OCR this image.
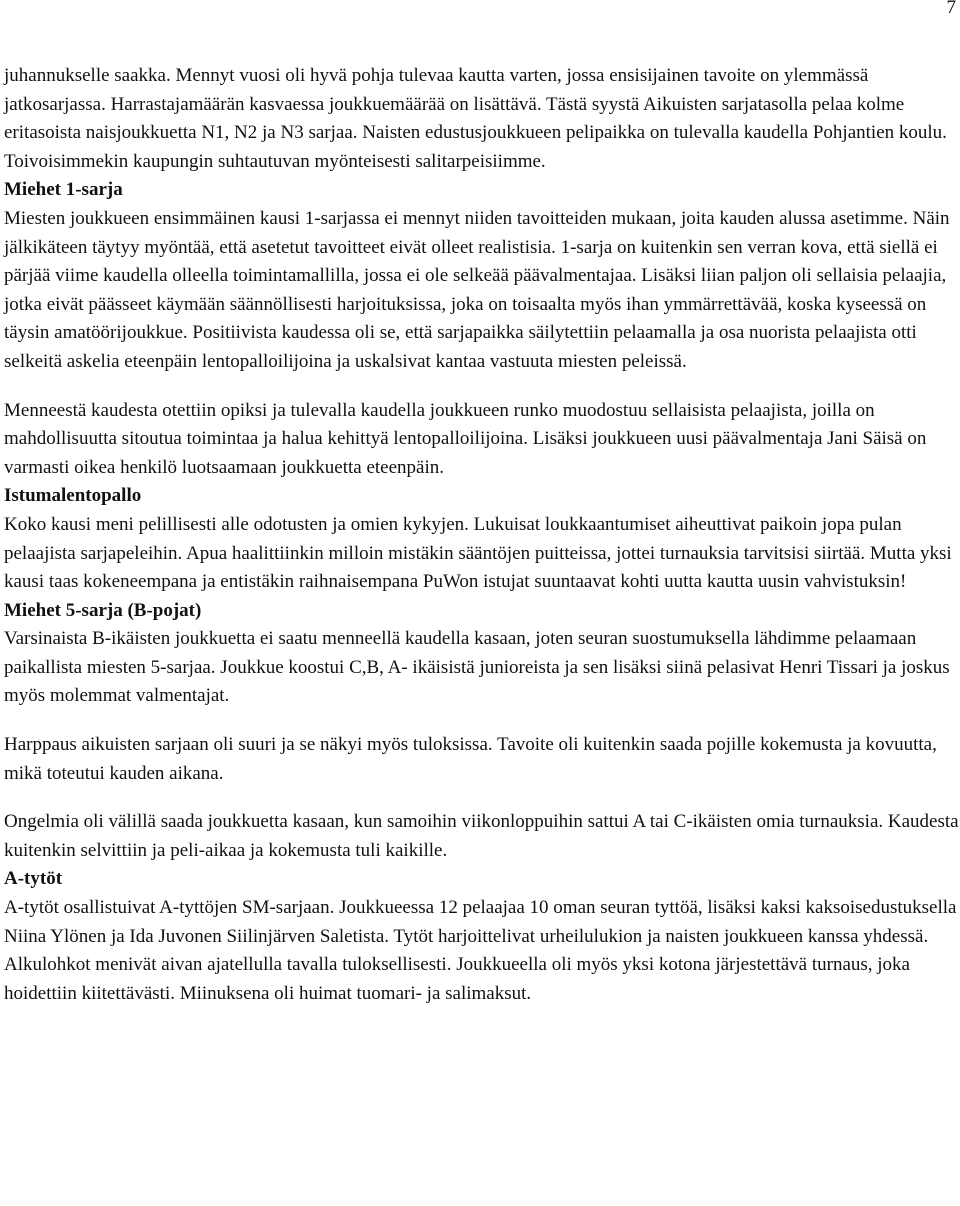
7

juhannukselle saakka. Mennyt vuosi oli hyvä pohja tulevaa kautta varten, jossa ensisijainen tavoite on ylemmässä jatkosarjassa. Harrastajamäärän kasvaessa joukkuemäärää on lisättävä. Tästä syystä Aikuisten sarjatasolla pelaa kolme eritasoista naisjoukkuetta N1, N2 ja N3 sarjaa. Naisten edustusjoukkueen pelipaikka on tulevalla kaudella Pohjantien koulu. Toivoisimmekin kaupungin suhtautuvan myönteisesti salitarpeisiimme.

Miehet 1-sarja

Miesten joukkueen ensimmäinen kausi 1-sarjassa ei mennyt niiden tavoitteiden mukaan, joita kauden alussa asetimme. Näin jälkikäteen täytyy myöntää, että asetetut tavoitteet eivät olleet realistisia. 1-sarja on kuitenkin sen verran kova, että siellä ei pärjää viime kaudella olleella toimintamallilla, jossa ei ole selkeää päävalmentajaa. Lisäksi liian paljon oli sellaisia pelaajia, jotka eivät päässeet käymään säännöllisesti harjoituksissa, joka on toisaalta myös ihan ymmärrettävää, koska kyseessä on täysin amatöörijoukkue. Positiivista kaudessa oli se, että sarjapaikka säilytettiin pelaamalla ja osa nuorista pelaajista otti selkeitä askelia eteenpäin lentopalloilijoina ja uskalsivat kantaa vastuuta miesten peleissä.

Menneestä kaudesta otettiin opiksi ja tulevalla kaudella joukkueen runko muodostuu sellaisista pelaajista, joilla on mahdollisuutta sitoutua toimintaa ja halua kehittyä lentopalloilijoina. Lisäksi joukkueen uusi päävalmentaja Jani Säisä on varmasti oikea henkilö luotsaamaan joukkuetta eteenpäin.

Istumalentopallo

Koko kausi meni pelillisesti alle odotusten ja omien kykyjen. Lukuisat loukkaantumiset aiheuttivat paikoin jopa pulan pelaajista sarjapeleihin. Apua haalittiinkin milloin mistäkin sääntöjen puitteissa, jottei turnauksia tarvitsisi siirtää. Mutta yksi kausi taas kokeneempana ja entistäkin raihnaisempana PuWon istujat suuntaavat kohti uutta kautta uusin vahvistuksin!

Miehet 5-sarja (B-pojat)

Varsinaista B-ikäisten joukkuetta ei saatu menneellä kaudella kasaan, joten seuran suostumuksella lähdimme pelaamaan paikallista miesten 5-sarjaa. Joukkue koostui C,B, A- ikäisistä junioreista ja sen lisäksi siinä pelasivat Henri Tissari ja joskus myös molemmat valmentajat.

Harppaus aikuisten sarjaan oli suuri ja se näkyi myös tuloksissa. Tavoite oli kuitenkin saada pojille kokemusta ja kovuutta, mikä toteutui kauden aikana.

Ongelmia oli välillä saada joukkuetta kasaan, kun samoihin viikonloppuihin sattui A tai C-ikäisten omia turnauksia. Kaudesta kuitenkin selvittiin ja peli-aikaa ja kokemusta tuli kaikille.

A-tytöt

A-tytöt osallistuivat A-tyttöjen SM-sarjaan. Joukkueessa 12 pelaajaa 10 oman seuran tyttöä, lisäksi kaksi kaksoisedustuksella Niina Ylönen ja Ida Juvonen Siilinjärven Saletista. Tytöt harjoittelivat urheilulukion ja naisten joukkueen kanssa yhdessä. Alkulohkot menivät aivan ajatellulla tavalla tuloksellisesti. Joukkueella oli myös yksi kotona järjestettävä turnaus, joka hoidettiin kiitettävästi. Miinuksena oli huimat tuomari- ja salimaksut.
